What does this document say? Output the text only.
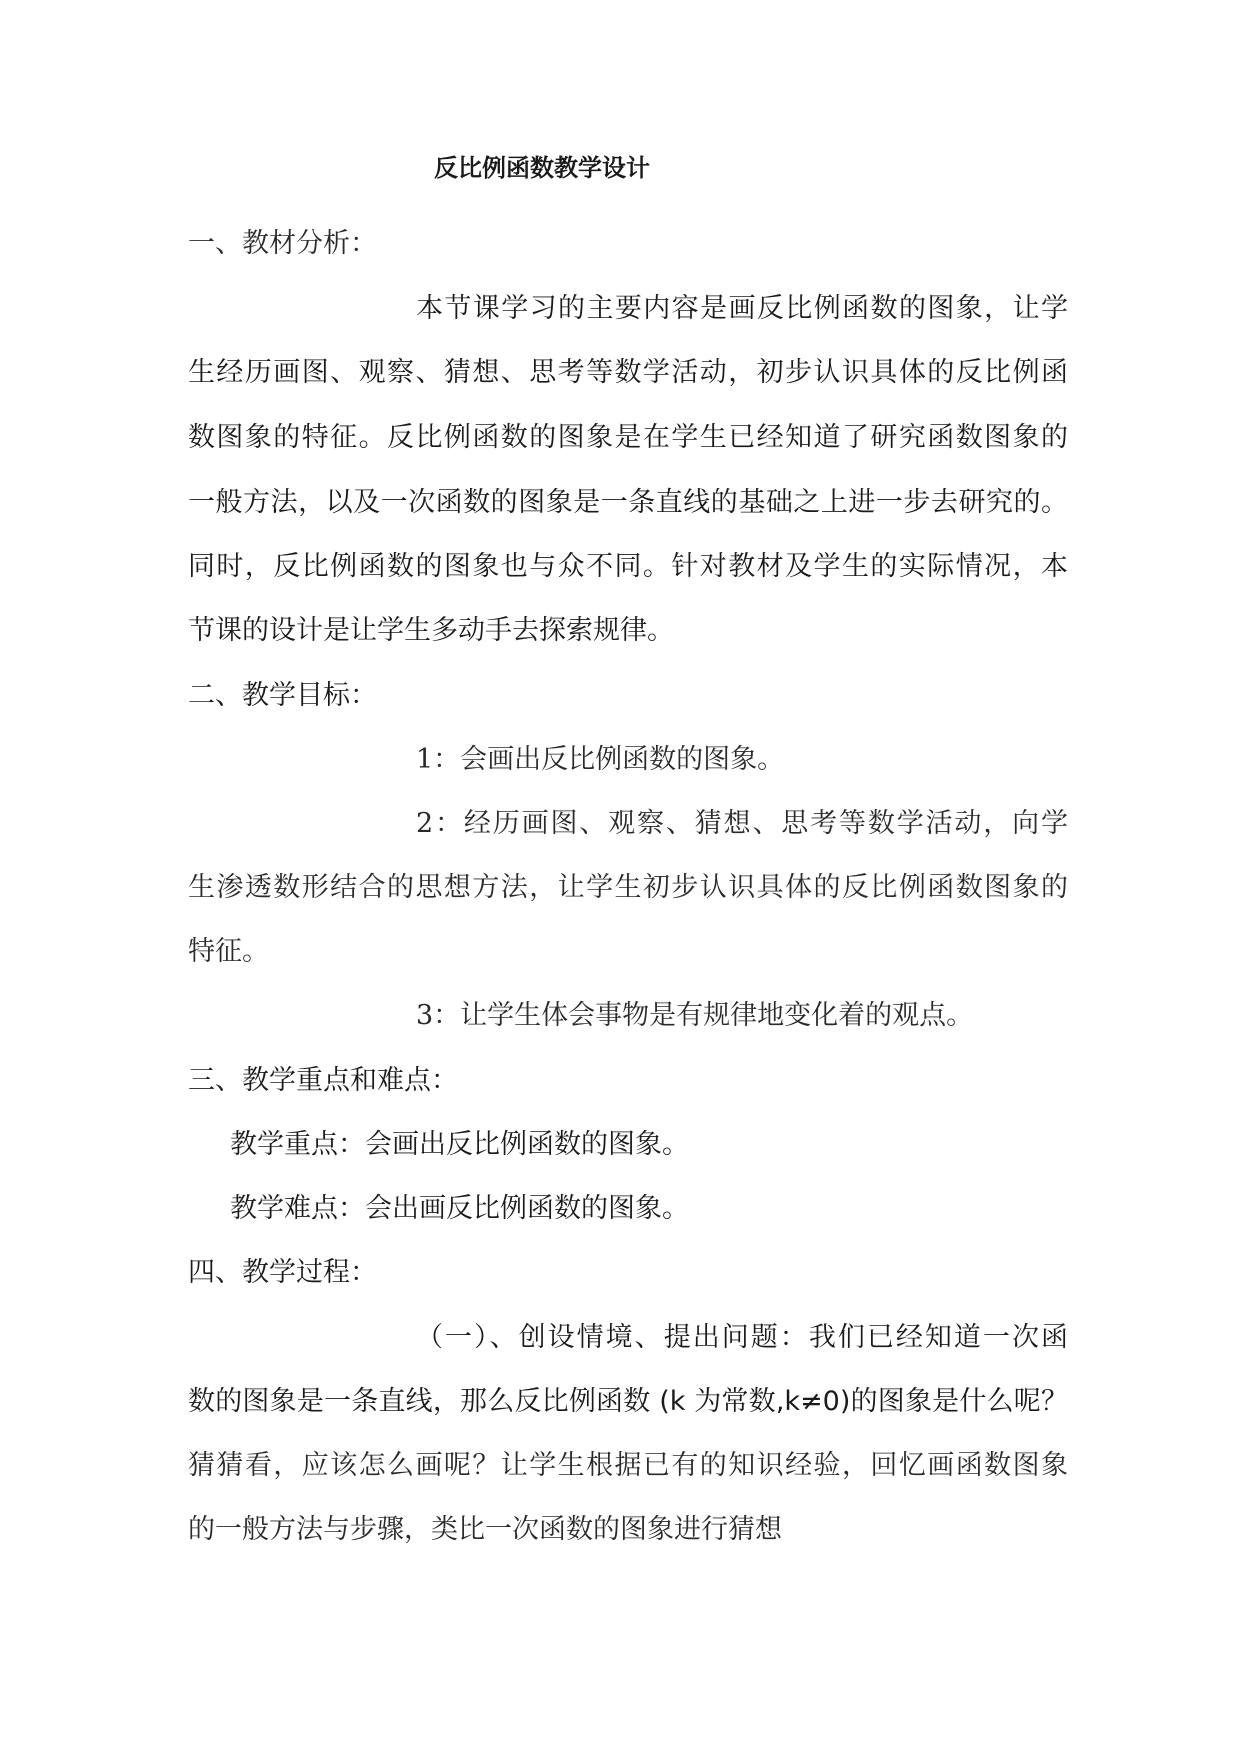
反比例函数教学设计
一、教材分析：
本节课学习的主要内容是画反比例函数的图象，让学
生经历画图、观察、猜想、思考等数学活动，初步认识具体的反比例函
数图象的特征。反比例函数的图象是在学生已经知道了研究函数图象的
一般方法，以及一次函数的图象是一条直线的基础之上进一步去研究的。
同时，反比例函数的图象也与众不同。针对教材及学生的实际情况，本
节课的设计是让学生多动手去探索规律。
二、教学目标：
1：会画出反比例函数的图象。
2：经历画图、观察、猜想、思考等数学活动，向学
生渗透数形结合的思想方法，让学生初步认识具体的反比例函数图象的
特征。
3：让学生体会事物是有规律地变化着的观点。
三、教学重点和难点：
教学重点：会画出反比例函数的图象。
教学难点：会出画反比例函数的图象。
四、教学过程：
（一）、创设情境、提出问题：我们已经知道一次函
数的图象是一条直线，那么反比例函数 (k 为常数,k≠0)的图象是什么呢？
猜猜看，应该怎么画呢？让学生根据已有的知识经验，回忆画函数图象
的一般方法与步骤，类比一次函数的图象进行猜想
